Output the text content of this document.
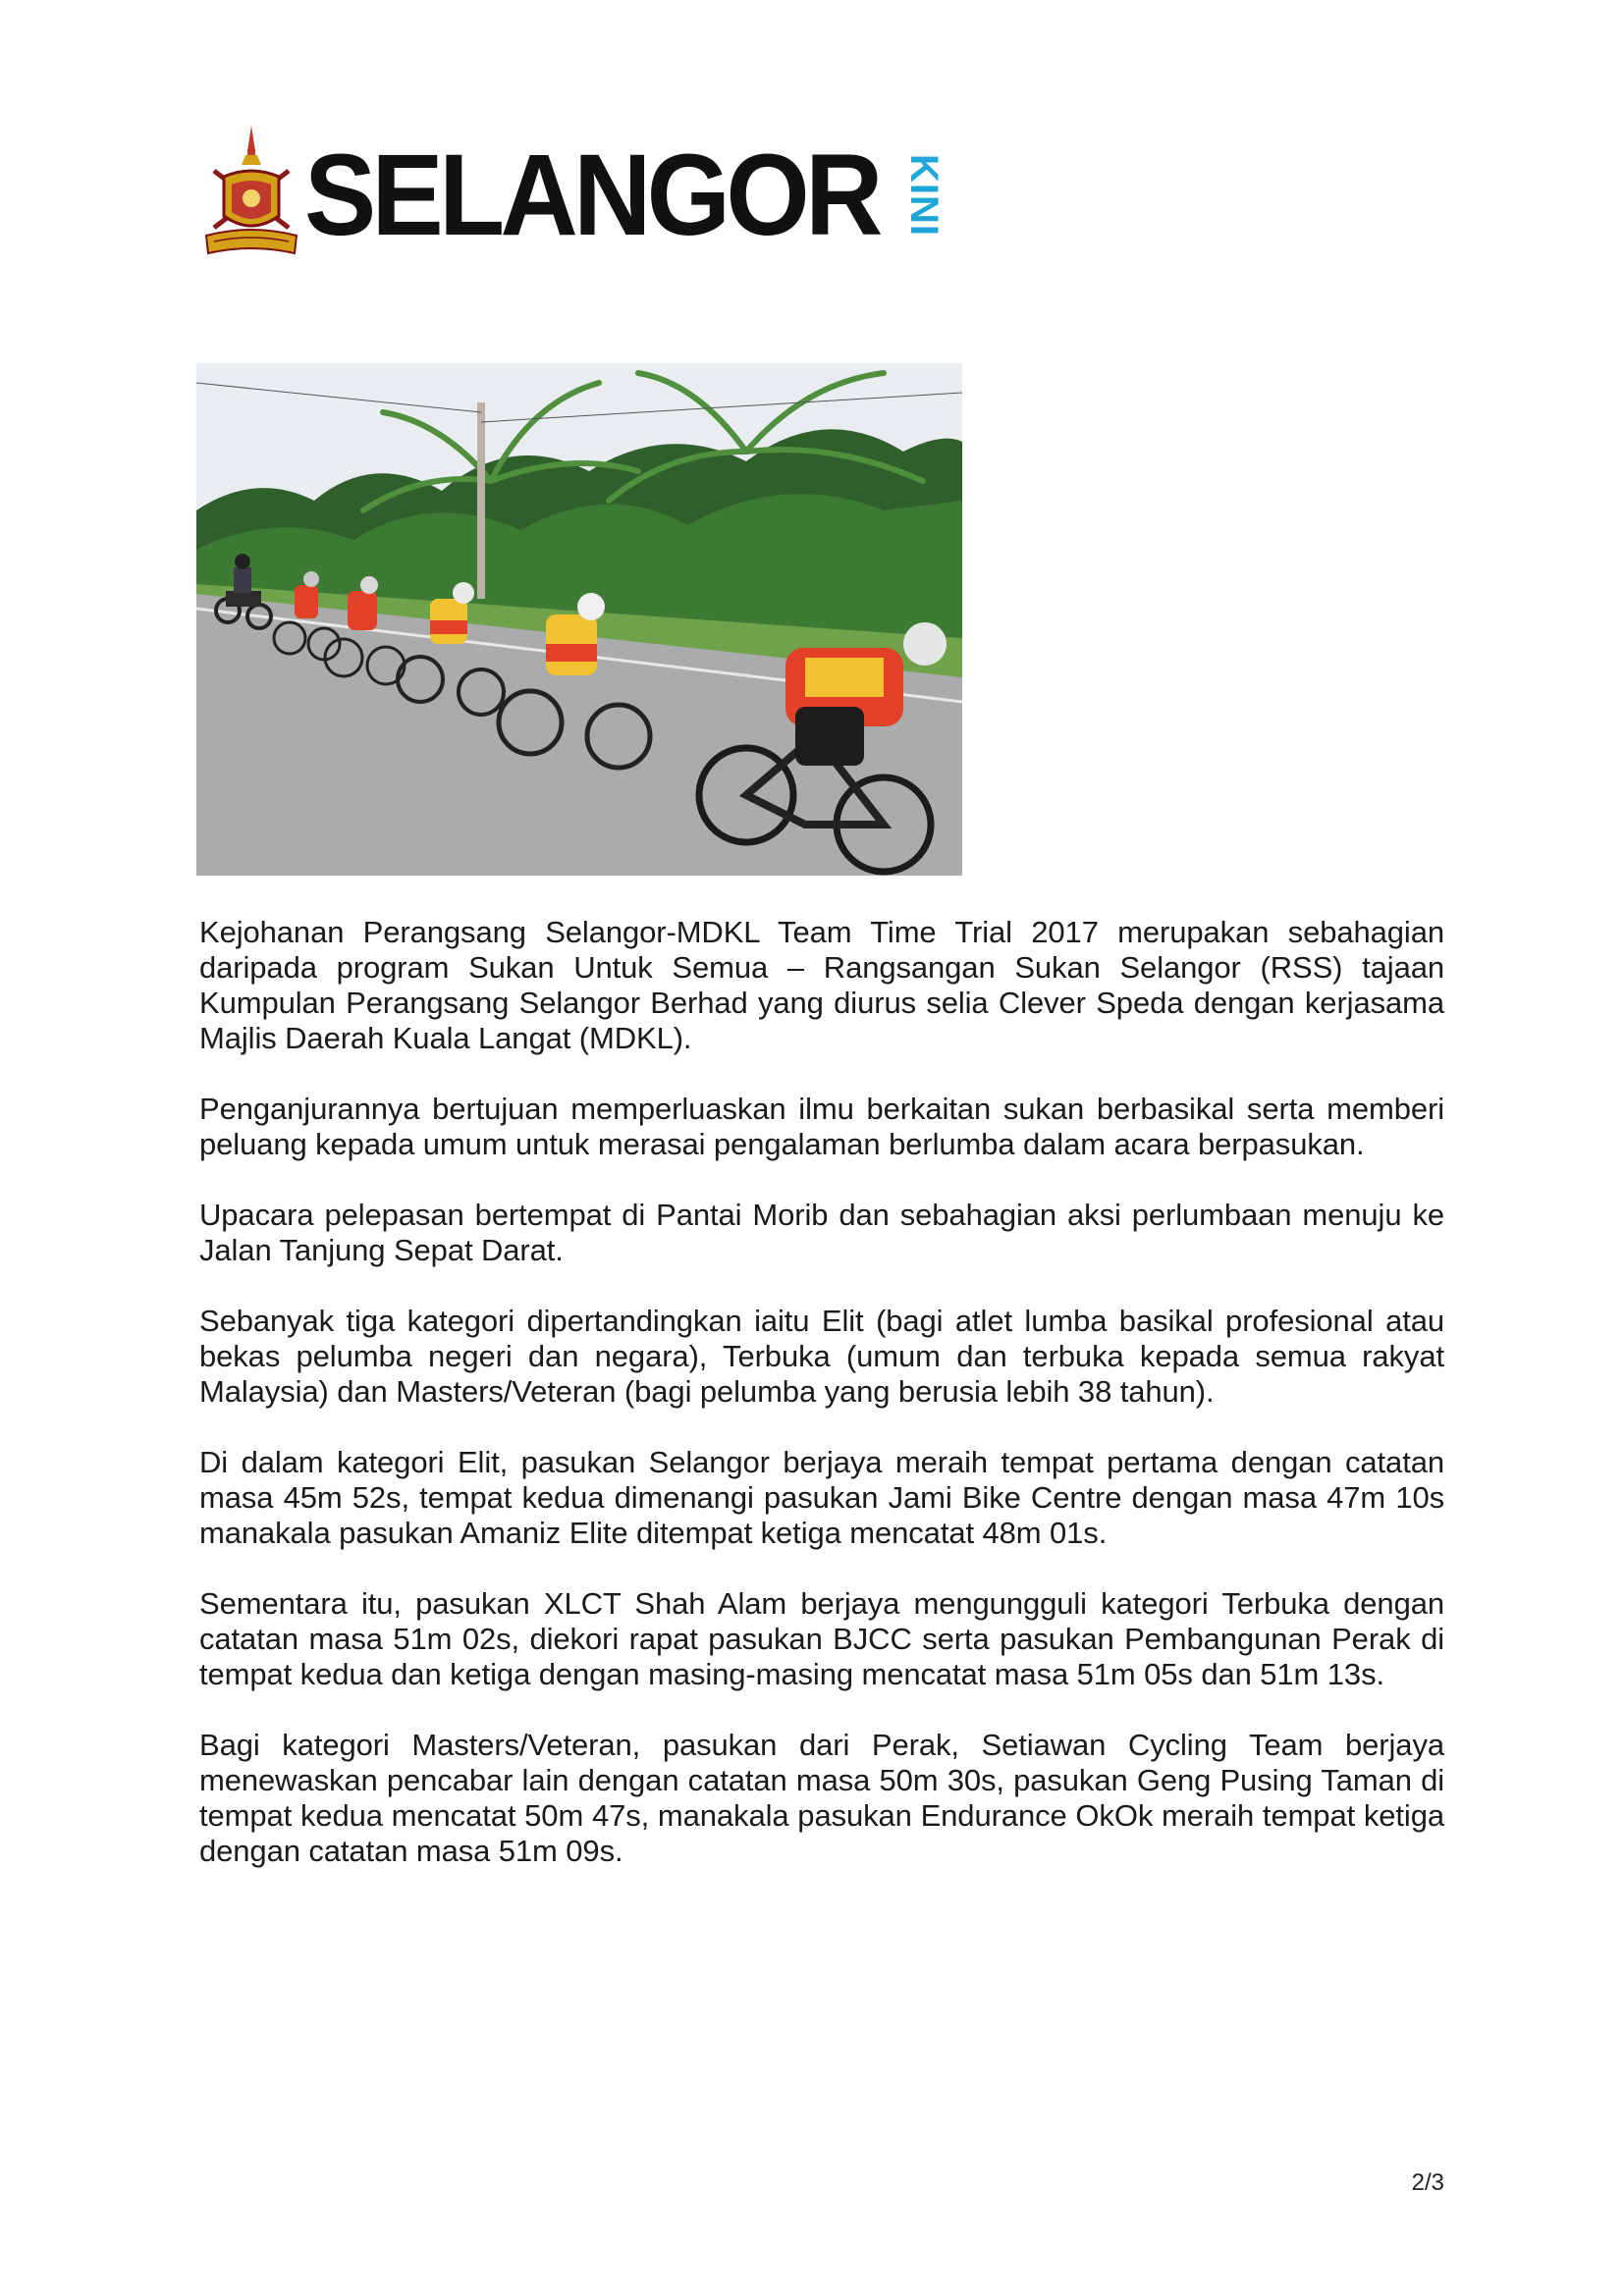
SELANGOR KINI

Kejohanan Perangsang Selangor-MDKL Team Time Trial 2017 merupakan sebahagian daripada program Sukan Untuk Semua – Rangsangan Sukan Selangor (RSS) tajaan Kumpulan Perangsang Selangor Berhad yang diurus selia Clever Speda dengan kerjasama Majlis Daerah Kuala Langat (MDKL).

Penganjurannya bertujuan memperluaskan ilmu berkaitan sukan berbasikal serta memberi peluang kepada umum untuk merasai pengalaman berlumba dalam acara berpasukan.

Upacara pelepasan bertempat di Pantai Morib dan sebahagian aksi perlumbaan menuju ke Jalan Tanjung Sepat Darat.

Sebanyak tiga kategori dipertandingkan iaitu Elit (bagi atlet lumba basikal profesional atau bekas pelumba negeri dan negara), Terbuka (umum dan terbuka kepada semua rakyat Malaysia) dan Masters/Veteran (bagi pelumba yang berusia lebih 38 tahun).

Di dalam kategori Elit, pasukan Selangor berjaya meraih tempat pertama dengan catatan masa 45m 52s, tempat kedua dimenangi pasukan Jami Bike Centre dengan masa 47m 10s manakala pasukan Amaniz Elite ditempat ketiga mencatat 48m 01s.

Sementara itu, pasukan XLCT Shah Alam berjaya mengungguli kategori Terbuka dengan catatan masa 51m 02s, diekori rapat pasukan BJCC serta pasukan Pembangunan Perak di tempat kedua dan ketiga dengan masing-masing mencatat masa 51m 05s dan 51m 13s.

Bagi kategori Masters/Veteran, pasukan dari Perak, Setiawan Cycling Team berjaya menewaskan pencabar lain dengan catatan masa 50m 30s, pasukan Geng Pusing Taman di tempat kedua mencatat 50m 47s, manakala pasukan Endurance OkOk meraih tempat ketiga dengan catatan masa 51m 09s.

2/3
